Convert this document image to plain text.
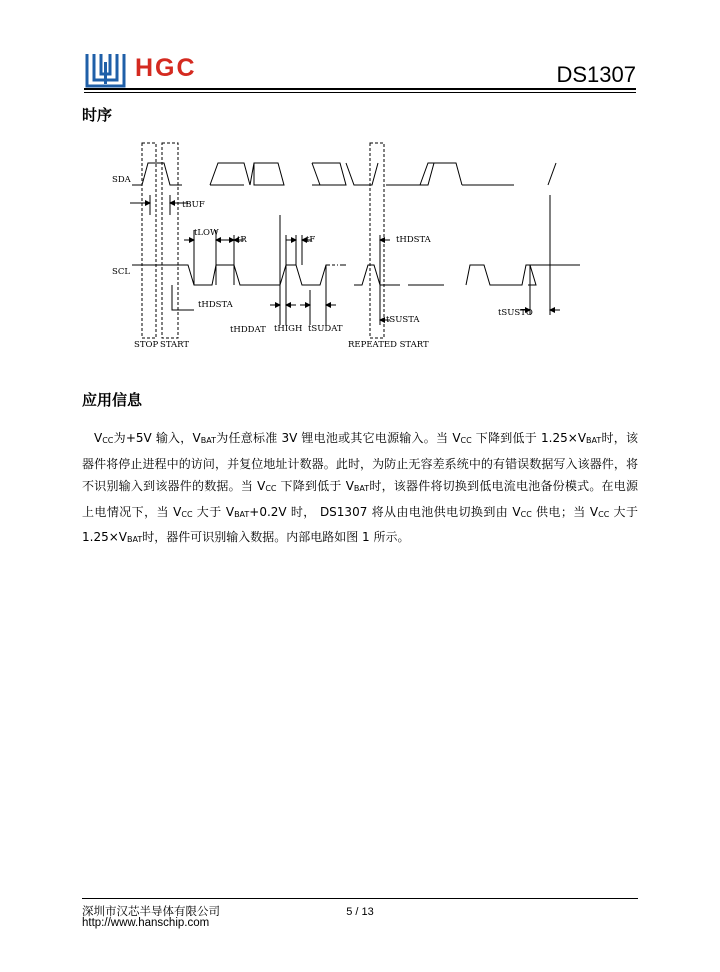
HGC	DS1307
时序
SDA
SCL
tBUF
tLOW
tR	tF	tHDSTA
tHDSTA
tHDDAT tHIGH tSUDAT
tSUSTA
tSUSTO
STOP START	REPEATED START
应用信息

$V_{CC}$为+5V 输入，$V_{BAT}$为任意标准 3V 锂电池或其它电源输入。当 $V_{CC}$ 下降到低于 $1.25\times V_{BAT}$时，该器件将停止进程中的访问，并复位地址计数器。此时，为防止无容差系统中的有错误数据写入该器件，将不识别输入到该器件的数据。当 $V_{CC}$ 下降到低于 $V_{BAT}$时，该器件将切换到低电流电池备份模式。在电源上电情况下，当 $V_{CC}$ 大于 $V_{BAT}+0.2V$ 时， DS1307 将从由电池供电切换到由 $V_{CC}$ 供电；当 $V_{CC}$ 大于 $1.25\times V_{BAT}$时，器件可识别输入数据。内部电路如图 1 所示。

深圳市汉芯半导体有限公司
http://www.hanschip.com
5 / 13
